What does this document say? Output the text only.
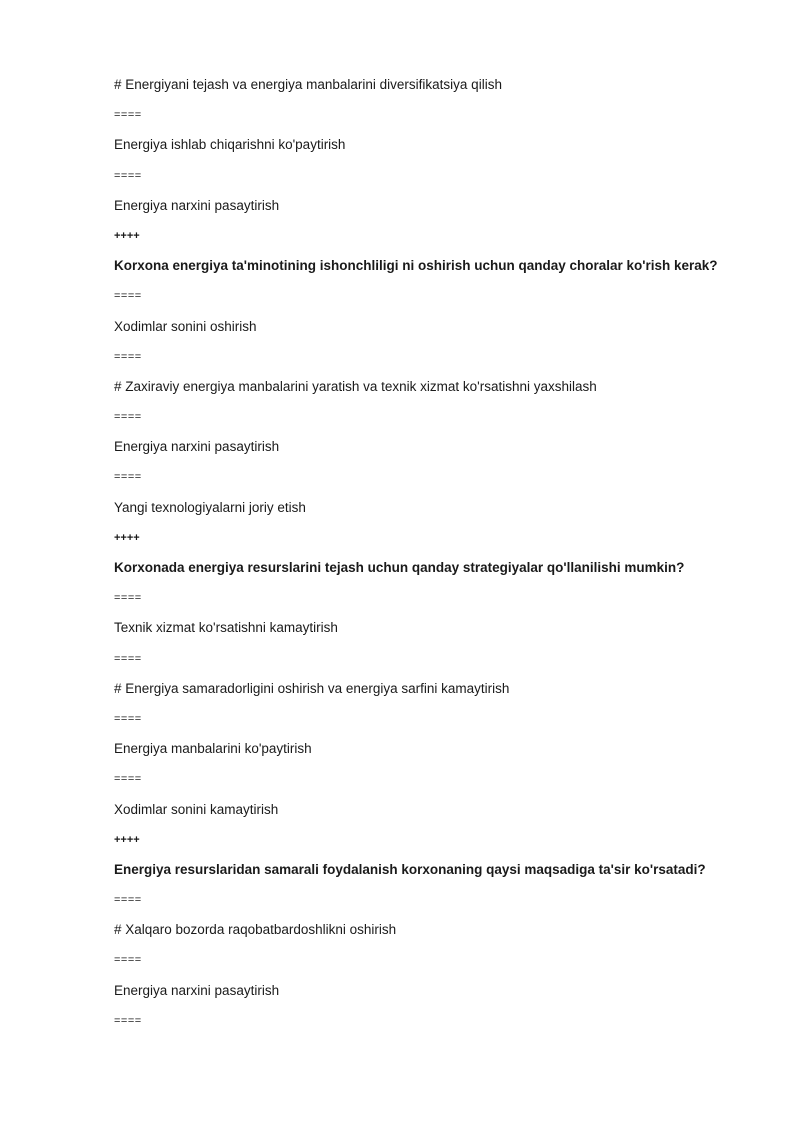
# Energiyani tejash va energiya manbalarini diversifikatsiya qilish
====
Energiya ishlab chiqarishni ko'paytirish
====
Energiya narxini pasaytirish
++++
Korxona energiya ta'minotining ishonchliligi ni oshirish uchun qanday choralar ko'rish kerak?
====
Xodimlar sonini oshirish
====
# Zaxiraviy energiya manbalarini yaratish va texnik xizmat ko'rsatishni yaxshilash
====
Energiya narxini pasaytirish
====
Yangi texnologiyalarni joriy etish
++++
Korxonada energiya resurslarini tejash uchun qanday strategiyalar qo'llanilishi mumkin?
====
Texnik xizmat ko'rsatishni kamaytirish
====
# Energiya samaradorligini oshirish va energiya sarfini kamaytirish
====
Energiya manbalarini ko'paytirish
====
Xodimlar sonini kamaytirish
++++
Energiya resurslaridan samarali foydalanish korxonaning qaysi maqsadiga ta'sir ko'rsatadi?
====
# Xalqaro bozorda raqobatbardoshlikni oshirish
====
Energiya narxini pasaytirish
====
